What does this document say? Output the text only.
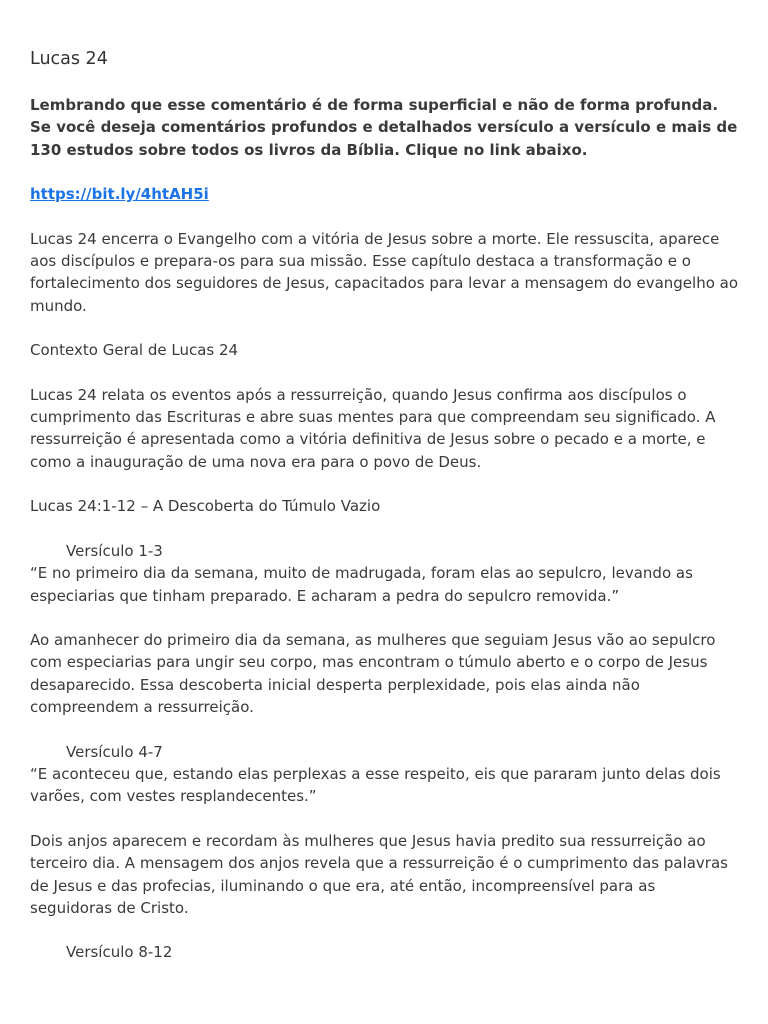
Lucas 24

Lembrando que esse comentário é de forma superficial e não de forma profunda. Se você deseja comentários profundos e detalhados versículo a versículo e mais de 130 estudos sobre todos os livros da Bíblia. Clique no link abaixo.

https://bit.ly/4htAH5i

Lucas 24 encerra o Evangelho com a vitória de Jesus sobre a morte. Ele ressuscita, aparece aos discípulos e prepara-os para sua missão. Esse capítulo destaca a transformação e o fortalecimento dos seguidores de Jesus, capacitados para levar a mensagem do evangelho ao mundo.

Contexto Geral de Lucas 24

Lucas 24 relata os eventos após a ressurreição, quando Jesus confirma aos discípulos o cumprimento das Escrituras e abre suas mentes para que compreendam seu significado. A ressurreição é apresentada como a vitória definitiva de Jesus sobre o pecado e a morte, e como a inauguração de uma nova era para o povo de Deus.

Lucas 24:1-12 – A Descoberta do Túmulo Vazio

Versículo 1-3

“E no primeiro dia da semana, muito de madrugada, foram elas ao sepulcro, levando as especiarias que tinham preparado. E acharam a pedra do sepulcro removida.”

Ao amanhecer do primeiro dia da semana, as mulheres que seguiam Jesus vão ao sepulcro com especiarias para ungir seu corpo, mas encontram o túmulo aberto e o corpo de Jesus desaparecido. Essa descoberta inicial desperta perplexidade, pois elas ainda não compreendem a ressurreição.

Versículo 4-7

“E aconteceu que, estando elas perplexas a esse respeito, eis que pararam junto delas dois varões, com vestes resplandecentes.”

Dois anjos aparecem e recordam às mulheres que Jesus havia predito sua ressurreição ao terceiro dia. A mensagem dos anjos revela que a ressurreição é o cumprimento das palavras de Jesus e das profecias, iluminando o que era, até então, incompreensível para as seguidoras de Cristo.

Versículo 8-12
